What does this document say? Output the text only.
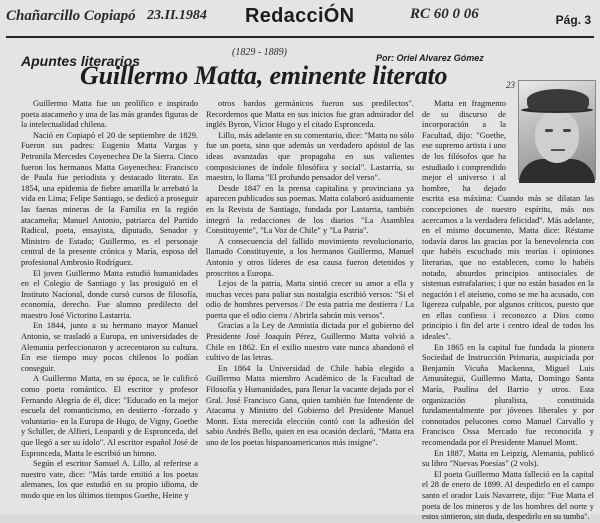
Chañarcillo Copiapó 23.II.1984	RC 60 0 06
(1829 - 1889)
23
RedacciÓN	Pág. 3
Apuntes literarios	Por: Oriel Alvarez Gómez
Guillermo Matta, eminente literato

Guillermo Matta fue un prolífico e inspirado poeta atacameño y una de las más grandes figuras de la intelectualidad chilena.

Nació en Copiapó el 20 de septiembre de 1829. Fueron sus padres: Eugenio Matta Vargas y Petronila Mercedes Coyenechea De la Sierra. Cinco fueron los hermanos Matta Goyenechea: Francisco de Paula fue periodista y destacado literato. En 1854, una epidemia de fiebre amarilla le arrebató la vida en Lima; Felipe Santiago, se dedicó a proseguir las faenas mineras de la Familia en la región atacameña; Manuel Antonio, patriarca del Partido Radical, poeta, ensayista, diputado, Senador y Ministro de Estado; Guillermo, es el personaje central de la presente crónica y María, esposa del profesional Ambrosio Rodríguez.

El joven Guillermo Matta estudió humanidades en el Colegio de Santiago y las prosiguió en el Instituto Nacional, donde cursó cursos de filosofía, economía, derecho. Fue alumno predilecto del maestro José Victorino Lastarria.

En 1844, junto a su hermano mayor Manuel Antonio, se trasladó a Europa, en universidades de Alemania perfeccionaron y acrecentaron su cultura. En ese tiempo muy pocos chilenos lo podían conseguir.

A Guillermo Matta, en su época, se le calificó como poeta romántico. El escritor y profesor Fernando Alegría de él, dice: "Educado en la mejor escuela del romanticismo, en destierro -forzado y voluntario- en la Europa de Hugo, de Vigny, Goethe y Schiller, de Alfieri, Leopardi y de Espronceda, del que llegó a ser su ídolo". Al escritor español José de Espronceda, Matta le escribió un himno.

Según el escritor Samuel A. Lillo, al referirse a nuestro vate, dice: "Más tarde emitió a los poetas alemanes, los que estudió en su propio idioma, de modo que en los últimos tiempos Goethe, Heine y

otros bardos germánicos fueron sus predilectos". Recordemos que Matta en sus inicios fue gran admirador del inglés Byron, Víctor Hugo y el citado Espronceda.

Lillo, más adelante en su comentario, dice: "Matta no sólo fue un poeta, sino que además un verdadero apóstol de las ideas avanzadas que propagaba en sus valientes composiciones de índole filosófica y social". Lastarria, su maestro, lo llama "El profundo pensador del verso".

Desde 1847 en la prensa capitalina y provinciana ya aparecen publicados sus poemas. Matta colaboró asiduamente en la Revista de Santiago, fundada por Lastarria, también integró la redacciones de los diarios "La Asamblea Constituyente", "La Voz de Chile" y "La Patria".

A consecuencia del fallido movimiento revolucionario, llamado Constituyente, a los hermanos Guillermo, Manuel Antonio y otros líderes de esa causa fueron detenidos y proscritos a Europa.

Lejos de la patria, Matta sintió crecer su amor a ella y muchas veces para paliar sus nostalgia escribió versos: "Si el odio de hombres perversos / De esta patria me destierra / La puerta que el odio cierra / Abrirla sabrán mis versos".

Gracias a la Ley de Amnistía dictada por el gobierno del Presidente José Joaquín Pérez, Guillermo Matta volvió a Chile en 1862. En el exilio nuestro vate nunca abandonó el cultivo de las letras.

En 1864 la Universidad de Chile había elegido a Guillermo Matta miembro Académico de la Facultad de Filosofía y Humanidades, para llenar la vacante dejada por el Gral. José Francisco Gana, quien también fue Intendente de Atacama y Ministro del Gobierno del Presidente Manuel Montt. Esta merecida elección contó con la adhesión del sabio Andrés Bello, quien en esa ocasión declaró, "Matta era uno de los poetas hispanoamericanos más insigne".

Matta en fragmento de su discurso de incorporación a la Facultad, dijo: "Goethe, ese supremo artista i uno de los filósofos que ha estudiado i comprendido mejor el universo i al hombre, ha dejado escrita esa máxima: Cuando más se dilatan las concepciones de nuestro espíritu, más nos acercamos a la verdadera felicidad". Más adelante, en el mismo documento, Matta dice: Réstame todavía daros las gracias por la benevolencia con que habéis escuchado mis teorías i opiniones literarias, que no establecen, como lo habéis notado, absurdos principios antisociales de sistemas estrafalarios; i que no están basados en la negación i el ateísmo, como se me ha acusado, con ligereza culpable, por algunos críticos, puesto que en ellas confieso i reconozco a Dios como principio i fin del arte i centro ideal de todos los ideales".

En 1865 en la capital fue fundada la pionera Sociedad de Instrucción Primaria, auspiciada por Benjamín Vicuña Mackenna, Miguel Luis Amunátegui, Guillermo Matta, Domingo Santa María, Paulina del Barrio y otros. Esta organización pluralista, constituida fundamentalmente por jóvenes liberales y por connotados pelucones como Manuel Carvallo y Francisco Ossa Mercado fue reconocida y recomendada por el Presidente Manuel Montt.

En 1887, Matta en Leipzig, Alemania, publicó su libro "Nuevas Poesías" (2 vols).

El poeta Guillermo Matta falleció en la capital el 28 de enero de 1899. Al despedirlo en el campo santo el orador Luis Navarrete, dijo: "Fue Matta el poeta de los mineros y de los hombres del norte y estos sintieron, sin duda, despedirlo en su tumba".
